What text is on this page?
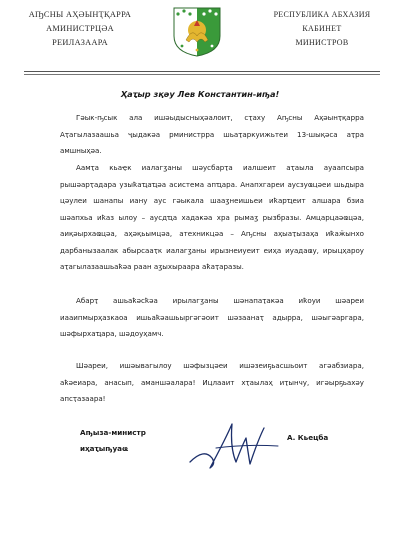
АҦСНЫ АҲӘЫНҬҚАРРА
АМИНИСТРЦӘА
РЕИЛАЗААРА
РЕСПУБЛИКА АБХАЗИЯ
КАБИНЕТ
МИНИСТРОВ
Ҳаҭыр зқәу Лев Константин-иҧа!

Гәык-ҧсык ала ишәыдысныҳәалоит, сҭаху Аҧсны Аҳәынҭқарра Аҭагылазаашьа ҷыдаҝәа рминистрра шьаҭаркуижьтеи 13-шықәса аҭра амшныҳәа.

Аамҭа кьаҿк иалагӡаны шәусбарҭа иалшеит аҭаыла ауаапсыра рышәарҭадара узыҟаҵаҵәа асистема апҵара. Анапхгареи аусзуҩцәеи шьдыра цәулеи шанапы иану аус гәыкала шааӡнеишьеи иҟарҵеит алшара бзиа шәапхьа иҟаз ылоу – аусдҵа хадаҝәа хра рымаӡ рызбразы. Амцарцаәҩцәа, аиқәырхаҩцәа, аҳәқьымцәа, атехникцәа – Аҧсны аҳыаҭызаҳа иҟаӝынхо дарбанызаалак абырсааҭк иалагӡаны ирызнеиуеит еиҳа иуадаҩу, ирыцҳароу аҭагылазаашьаҟәа раан аӡыхыраара аҟаҭаразы.

Абарҭ ашьаҟәсҟәа ирылагӡаны шәнапаҭаҝәа иҟоуи шәареи иааипмырҳазкаоа ишьаҟәашьыргәгәоит шәзаанаҭ адырра, шәыгәаргара, шәфырхаҵара, шәдоуҳамч.

Шәареи, ишәывагылоу шәфызцәеи ишәзеиҕьасшьоит агәабзиара, аҟәеиара, анасып, аманшәалара! Ицлааит хҭаылаҳ иҭынчу, игәырҕьахәу апсҭазаара!

Аҧыза-министр
иҳаҭыҧуаҩ
А. Кьецба
